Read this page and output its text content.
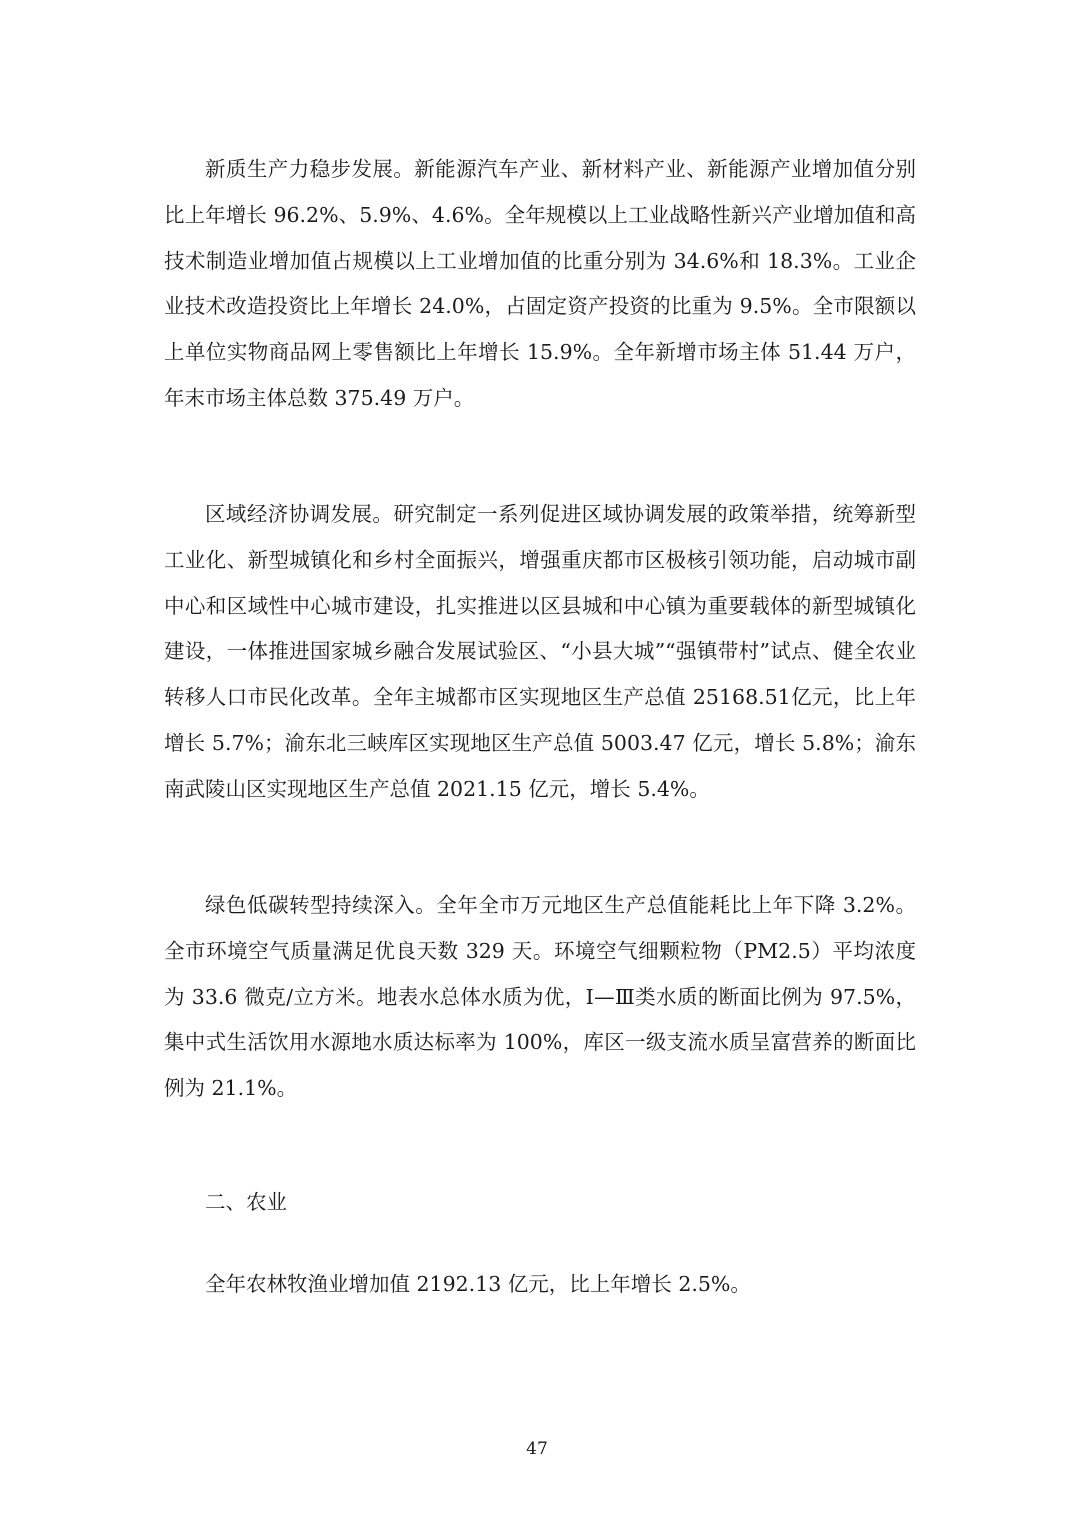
新质生产力稳步发展。新能源汽车产业、新材料产业、新能源产业增加值分别比上年增长 96.2%、5.9%、4.6%。全年规模以上工业战略性新兴产业增加值和高技术制造业增加值占规模以上工业增加值的比重分别为 34.6%和 18.3%。工业企业技术改造投资比上年增长 24.0%，占固定资产投资的比重为 9.5%。全市限额以上单位实物商品网上零售额比上年增长 15.9%。全年新增市场主体 51.44 万户，年末市场主体总数 375.49 万户。

区域经济协调发展。研究制定一系列促进区域协调发展的政策举措，统筹新型工业化、新型城镇化和乡村全面振兴，增强重庆都市区极核引领功能，启动城市副中心和区域性中心城市建设，扎实推进以区县城和中心镇为重要载体的新型城镇化建设，一体推进国家城乡融合发展试验区、“小县大城”“强镇带村”试点、健全农业转移人口市民化改革。全年主城都市区实现地区生产总值 25168.51亿元，比上年增长 5.7%；渝东北三峡库区实现地区生产总值 5003.47 亿元，增长 5.8%；渝东南武陵山区实现地区生产总值 2021.15 亿元，增长 5.4%。

绿色低碳转型持续深入。全年全市万元地区生产总值能耗比上年下降 3.2%。全市环境空气质量满足优良天数 329 天。环境空气细颗粒物（PM2.5）平均浓度为 33.6 微克/立方米。地表水总体水质为优，Ⅰ—Ⅲ类水质的断面比例为 97.5%，集中式生活饮用水源地水质达标率为 100%，库区一级支流水质呈富营养的断面比例为 21.1%。

二、农业

全年农林牧渔业增加值 2192.13 亿元，比上年增长 2.5%。

47
